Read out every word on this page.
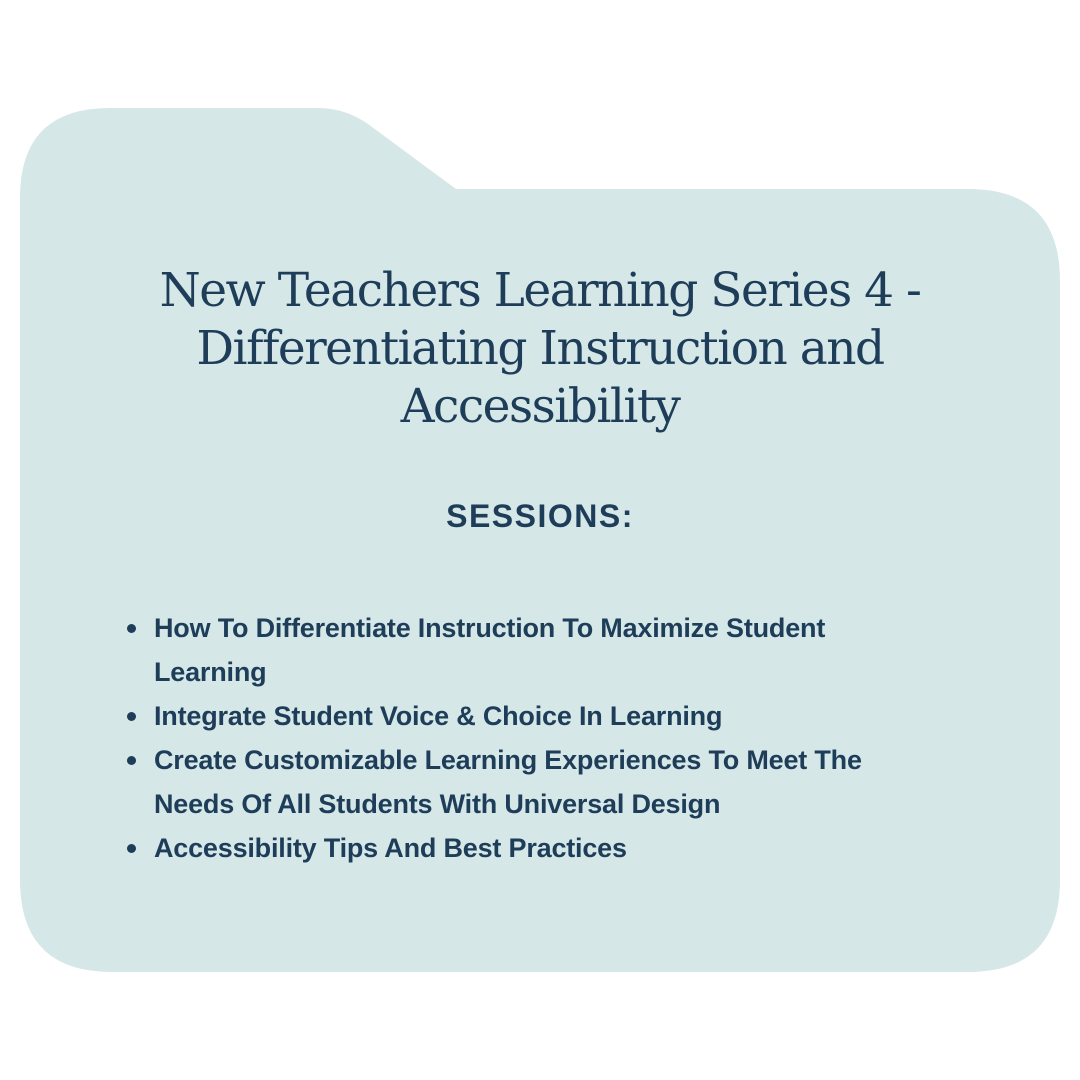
New Teachers Learning Series 4 -
Differentiating Instruction and
Accessibility
SESSIONS:
How To Differentiate Instruction To Maximize Student
Learning
Integrate Student Voice & Choice In Learning
Create Customizable Learning Experiences To Meet The
Needs Of All Students With Universal Design
Accessibility Tips And Best Practices
